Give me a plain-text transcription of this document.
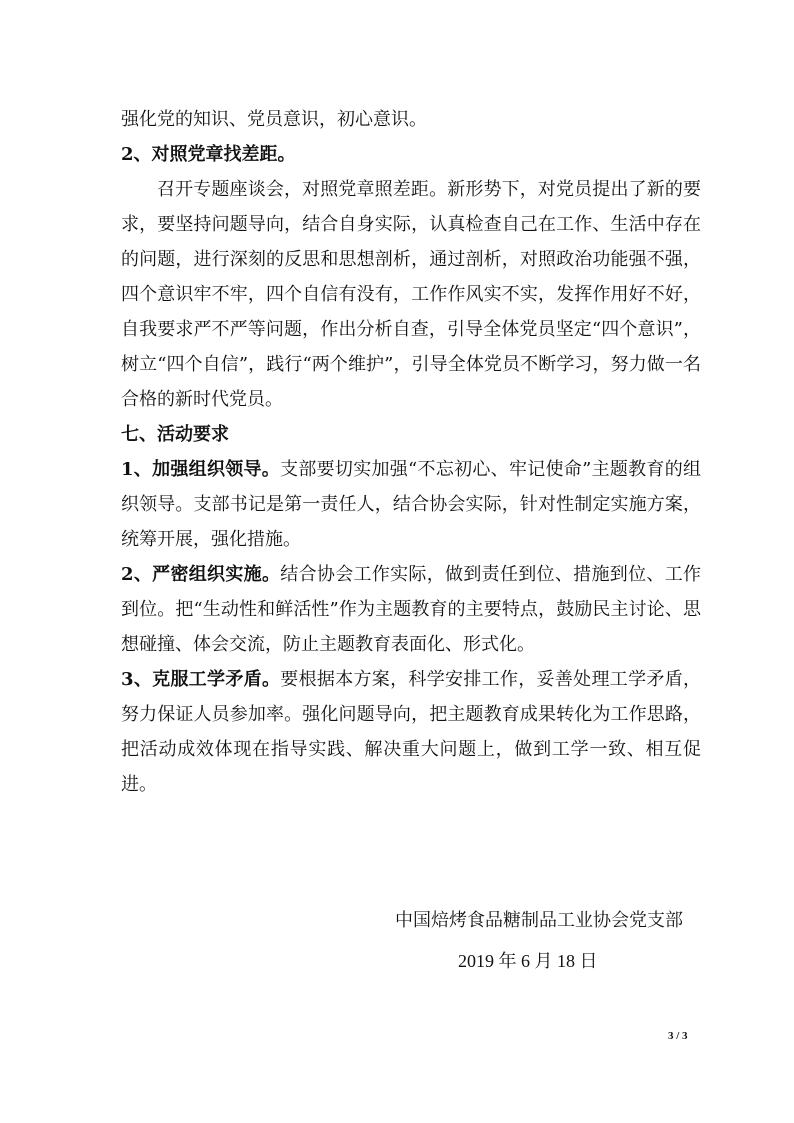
强化党的知识、党员意识，初心意识。

2、对照党章找差距。

召开专题座谈会，对照党章照差距。新形势下，对党员提出了新的要求，要坚持问题导向，结合自身实际，认真检查自己在工作、生活中存在的问题，进行深刻的反思和思想剖析，通过剖析，对照政治功能强不强，四个意识牢不牢，四个自信有没有，工作作风实不实，发挥作用好不好，自我要求严不严等问题，作出分析自查，引导全体党员坚定“四个意识”，树立“四个自信”，践行“两个维护”，引导全体党员不断学习，努力做一名合格的新时代党员。

七、活动要求

1、加强组织领导。支部要切实加强“不忘初心、牢记使命”主题教育的组织领导。支部书记是第一责任人，结合协会实际，针对性制定实施方案，统筹开展，强化措施。

2、严密组织实施。结合协会工作实际，做到责任到位、措施到位、工作到位。把“生动性和鲜活性”作为主题教育的主要特点，鼓励民主讨论、思想碰撞、体会交流，防止主题教育表面化、形式化。

3、克服工学矛盾。要根据本方案，科学安排工作，妥善处理工学矛盾，努力保证人员参加率。强化问题导向，把主题教育成果转化为工作思路，把活动成效体现在指导实践、解决重大问题上，做到工学一致、相互促进。

中国焙烤食品糖制品工业协会党支部
2019 年 6 月 18 日
3 / 3
